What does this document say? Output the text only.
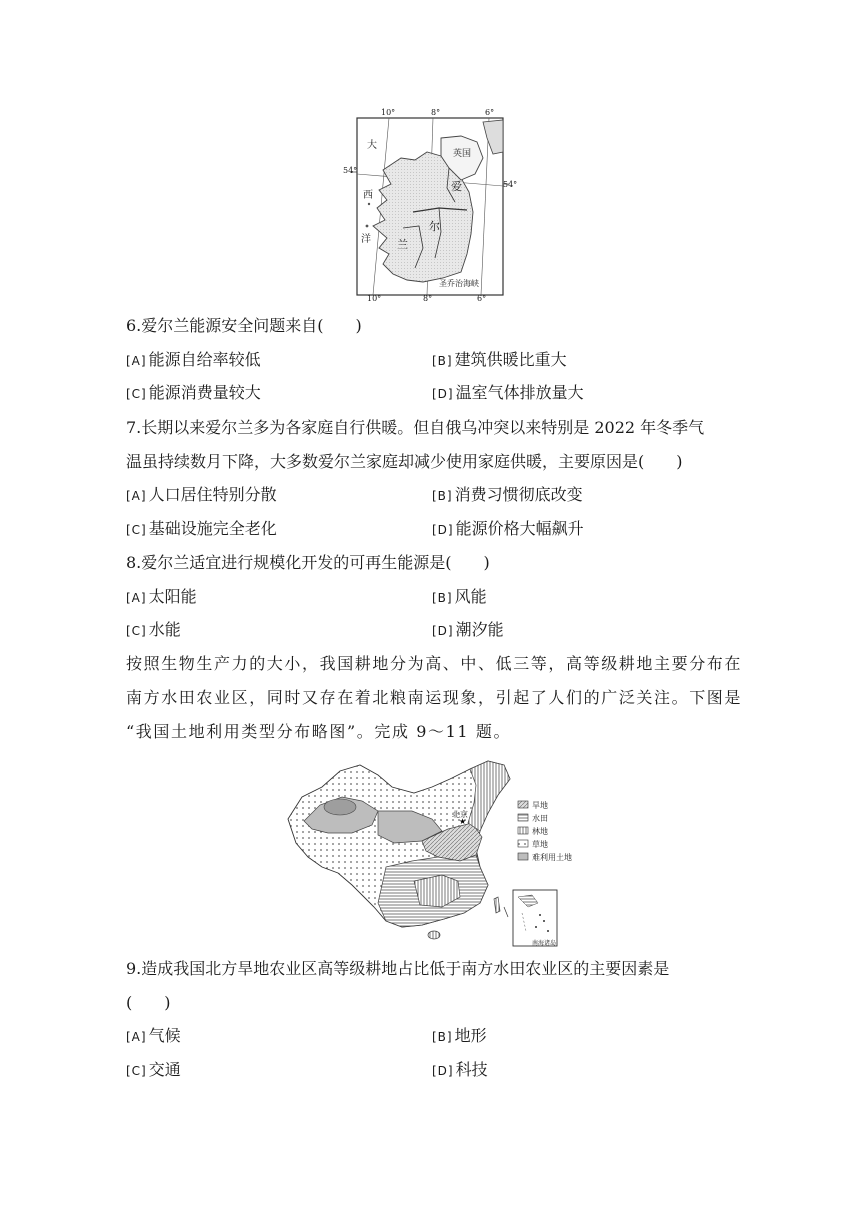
10°	8°	6°
10°	8°	6°
54°
54°
大
西
洋
爱
尔
兰
英国
圣乔治海峡
6.爱尔兰能源安全问题来自(　　)
[A] 能源自给率较低	[B] 建筑供暖比重大
[C] 能源消费量较大	[D] 温室气体排放量大
7.长期以来爱尔兰多为各家庭自行供暖。但自俄乌冲突以来特别是 2022 年冬季气
温虽持续数月下降，大多数爱尔兰家庭却减少使用家庭供暖，主要原因是(　　)
[A] 人口居住特别分散	[B] 消费习惯彻底改变
[C] 基础设施完全老化	[D] 能源价格大幅飙升
8.爱尔兰适宜进行规模化开发的可再生能源是(　　)
[A] 太阳能	[B] 风能
[C] 水能	[D] 潮汐能
按照生物生产力的大小，我国耕地分为高、中、低三等，高等级耕地主要分布在
南方水田农业区，同时又存在着北粮南运现象，引起了人们的广泛关注。下图是
“我国土地利用类型分布略图”。完成 9～11 题。
★
北京
旱地
水田
林地
草地
难利用土地
南海诸岛
9.造成我国北方旱地农业区高等级耕地占比低于南方水田农业区的主要因素是
(　　)
[A] 气候	[B] 地形
[C] 交通	[D] 科技
